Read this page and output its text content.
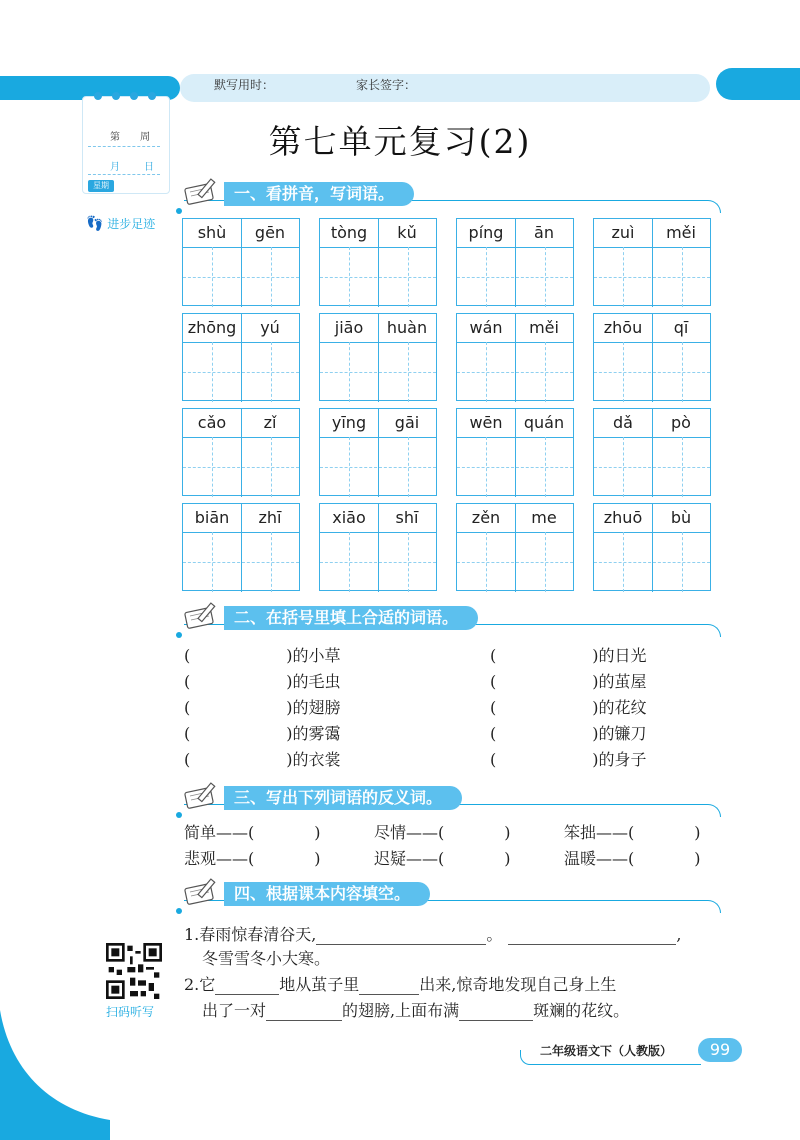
默写用时：	家长签字：
第 周
月 日
星期
👣 进步足迹
第七单元复习(2)
一、看拼音，写词语。
shù	gēn	tòng	kǔ	píng	ān	zuì	měi
zhōng	yú	jiāo	huàn	wán	měi	zhōu	qī
cǎo	zǐ	yīng	gāi	wēn	quán	dǎ	pò
biān	zhī	xiāo	shī	zěn	me	zhuō	bù
二、在括号里填上合适的词语。
(	)的小草	(	)的日光
(	)的毛虫	(	)的茧屋
(	)的翅膀	(	)的花纹
(	)的雾霭	(	)的镰刀
(	)的衣裳	(	)的身子
三、写出下列词语的反义词。
简单——(	)	尽情——(	)	笨拙——(	)
悲观——(	)	迟疑——(	)	温暖——(	)
四、根据课本内容填空。
1.春雨惊春清谷天,	。	,
冬雪雪冬小大寒。
2.它	地从茧子里	出来,惊奇地发现自己身上生
出了一对	的翅膀,上面布满	斑斓的花纹。
扫码听写
二年级语文下（人教版）	99
